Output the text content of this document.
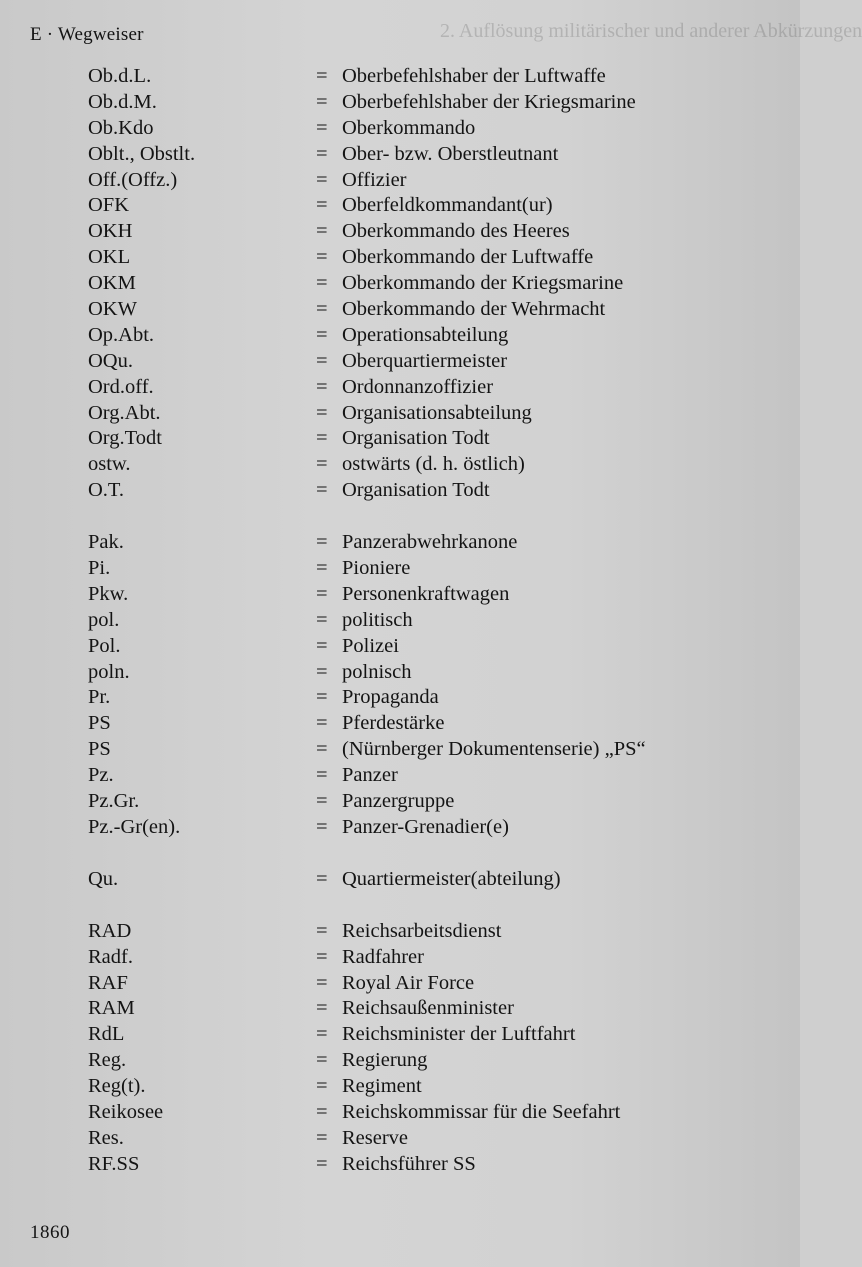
2. Auflösung militärischer und anderer Abkürzungen
E · Wegweiser
Ob.d.L.	= Oberbefehlshaber der Luftwaffe
Ob.d.M.	= Oberbefehlshaber der Kriegsmarine
Ob.Kdo	= Oberkommando
Oblt., Obstlt.	= Ober- bzw. Oberstleutnant
Off.(Offz.)	= Offizier
OFK	= Oberfeldkommandant(ur)
OKH	= Oberkommando des Heeres
OKL	= Oberkommando der Luftwaffe
OKM	= Oberkommando der Kriegsmarine
OKW	= Oberkommando der Wehrmacht
Op.Abt.	= Operationsabteilung
OQu.	= Oberquartiermeister
Ord.off.	= Ordonnanzoffizier
Org.Abt.	= Organisationsabteilung
Org.Todt	= Organisation Todt
ostw.	= ostwärts (d. h. östlich)
O.T.	= Organisation Todt
Pak.	= Panzerabwehrkanone
Pi.	= Pioniere
Pkw.	= Personenkraftwagen
pol.	= politisch
Pol.	= Polizei
poln.	= polnisch
Pr.	= Propaganda
PS	= Pferdestärke
PS	= (Nürnberger Dokumentenserie) „PS“
Pz.	= Panzer
Pz.Gr.	= Panzergruppe
Pz.-Gr(en).	= Panzer-Grenadier(e)
Qu.	= Quartiermeister(abteilung)
RAD	= Reichsarbeitsdienst
Radf.	= Radfahrer
RAF	= Royal Air Force
RAM	= Reichsaußenminister
RdL	= Reichsminister der Luftfahrt
Reg.	= Regierung
Reg(t).	= Regiment
Reikosee	= Reichskommissar für die Seefahrt
Res.	= Reserve
RF.SS	= Reichsführer SS
1860
